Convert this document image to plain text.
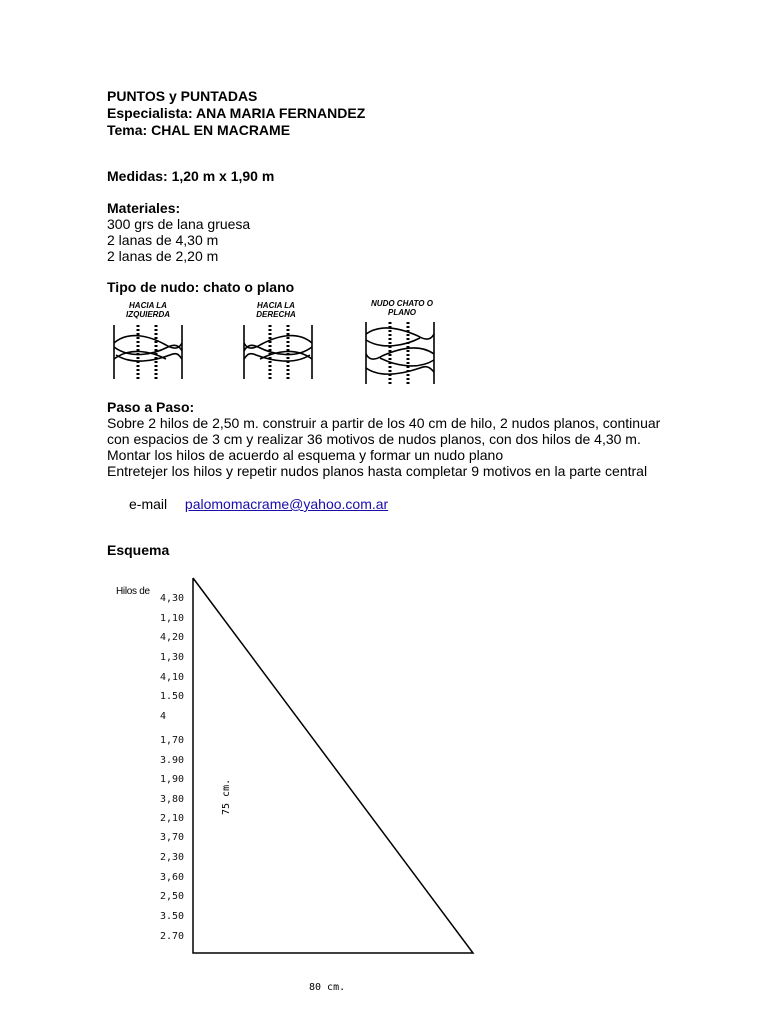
PUNTOS y PUNTADAS
Especialista: ANA MARIA FERNANDEZ
Tema: CHAL EN MACRAME
Medidas: 1,20 m x 1,90 m
Materiales:
300 grs de lana gruesa
2 lanas de 4,30 m
2 lanas de 2,20 m
Tipo de nudo: chato o plano
HACIA LA
IZQUIERDA
HACIA LA
DERECHA
NUDO CHATO O
PLANO
Paso a Paso:
Sobre 2 hilos de 2,50 m. construir a partir de los 40 cm de hilo, 2 nudos planos, continuar
con espacios de 3 cm y realizar 36 motivos de nudos planos, con dos hilos de 4,30 m.
Montar los hilos de acuerdo al esquema y formar un nudo plano
Entretejer los hilos y repetir nudos planos hasta completar 9 motivos en la parte central
e-mail palomomacrame@yahoo.com.ar
Esquema
Hilos de
4,30
1,10
4,20
1,30
4,10
1.50
4
1,70
3.90
1,90
3,80
2,10
3,70
2,30
3,60
2,50
3.50
2.70
75 cm.
80 cm.
